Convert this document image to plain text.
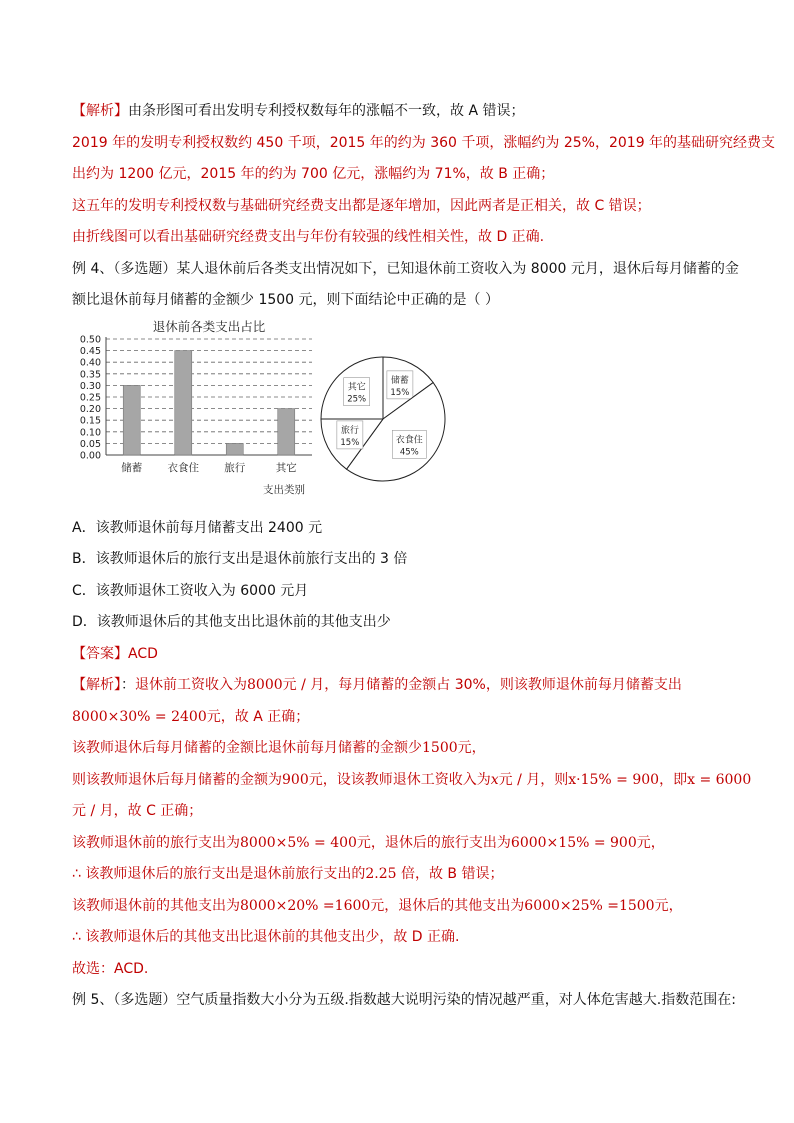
【解析】由条形图可看出发明专利授权数每年的涨幅不一致，故 A 错误；
2019 年的发明专利授权数约 450 千项，2015 年的约为 360 千项，涨幅约为 25%，2019 年的基础研究经费支
出约为 1200 亿元，2015 年的约为 700 亿元，涨幅约为 71%，故 B 正确；
这五年的发明专利授权数与基础研究经费支出都是逐年增加，因此两者是正相关，故 C 错误；
由折线图可以看出基础研究经费支出与年份有较强的线性相关性，故 D 正确.
例 4、（多选题）某人退休前后各类支出情况如下，已知退休前工资收入为 8000 元月，退休后每月储蓄的金
额比退休前每月储蓄的金额少 1500 元，则下面结论中正确的是（ ）
退休前各类支出占比
0.00
0.05
0.10
0.15
0.20
0.25
0.30
0.35
0.40
0.45
0.50
储蓄 衣食住 旅行	其它
支出类别
储蓄
15%
衣食住
45%
旅行
15%
其它
25%
A．该教师退休前每月储蓄支出 2400 元
B．该教师退休后的旅行支出是退休前旅行支出的 3 倍
C．该教师退休工资收入为 6000 元月
D．该教师退休后的其他支出比退休前的其他支出少
【答案】ACD
【解析】：退休前工资收入为8000元 / 月，每月储蓄的金额占 30%，则该教师退休前每月储蓄支出
8000×30% = 2400元，故 A 正确；
该教师退休后每月储蓄的金额比退休前每月储蓄的金额少1500元，
则该教师退休后每月储蓄的金额为900元，设该教师退休工资收入为x元 / 月，则x·15% = 900，即x = 6000
元 / 月，故 C 正确；
该教师退休前的旅行支出为8000×5% = 400元，退休后的旅行支出为6000×15% = 900元，
∴ 该教师退休后的旅行支出是退休前旅行支出的2.25 倍，故 B 错误；
该教师退休前的其他支出为8000×20% =1600元，退休后的其他支出为6000×25% =1500元，
∴ 该教师退休后的其他支出比退休前的其他支出少，故 D 正确.
故选：ACD.
例 5、（多选题）空气质量指数大小分为五级.指数越大说明污染的情况越严重，对人体危害越大.指数范围在:
